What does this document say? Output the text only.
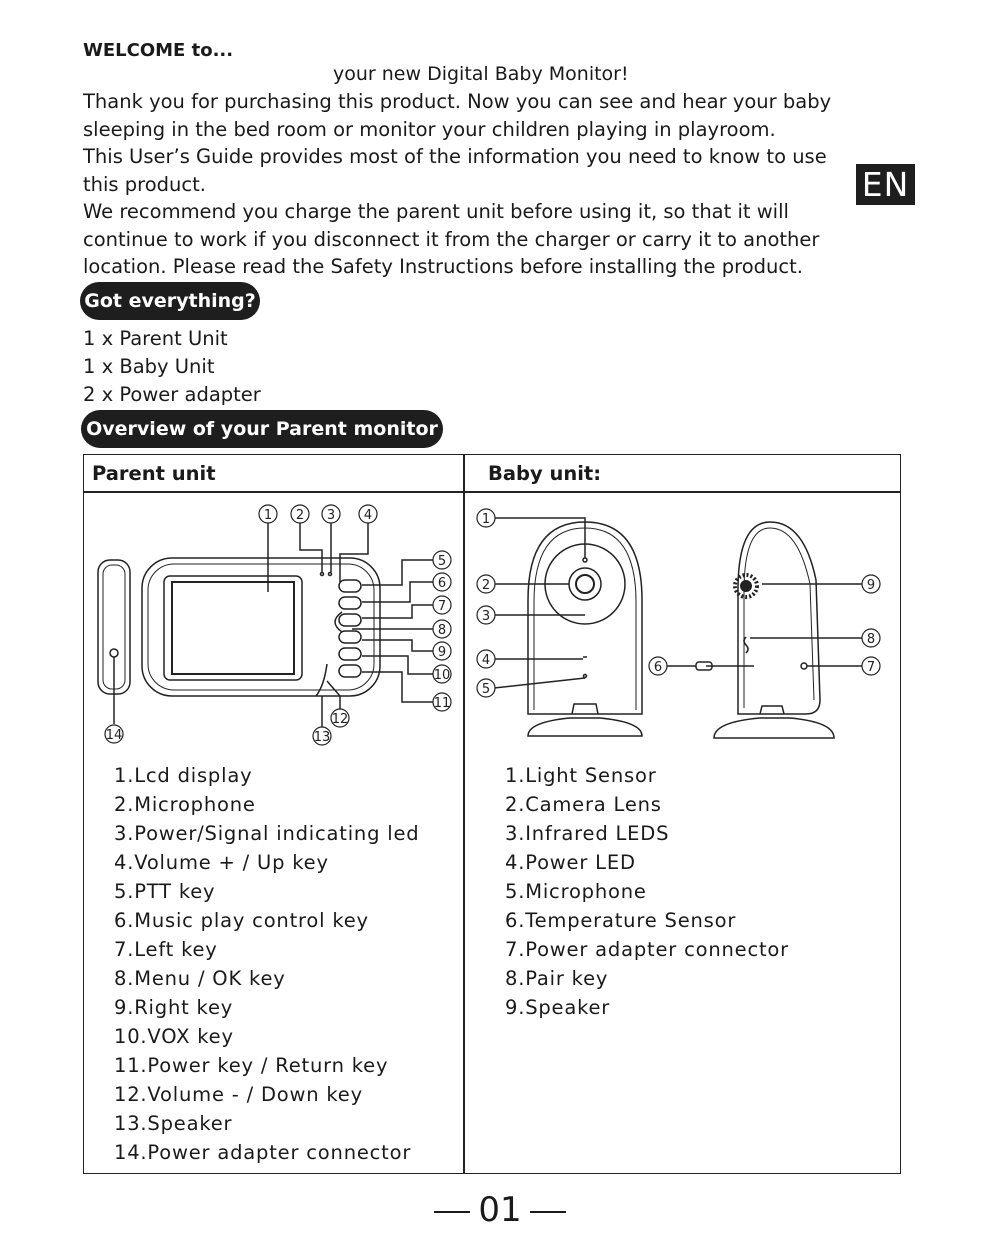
WELCOME to...
your new Digital Baby Monitor!

Thank you for purchasing this product. Now you can see and hear your baby sleeping in the bed room or monitor your children playing in playroom.

This User’s Guide provides most of the information you need to know to use this product.

We recommend you charge the parent unit before using it, so that it will continue to work if you disconnect it from the charger or carry it to another location. Please read the Safety Instructions before installing the product.

EN
Got everything?
1 x Parent Unit
1 x Baby Unit
2 x Power adapter
Overview of your Parent monitor
Parent unit	Baby unit:
1 2 3 4
5
6
7
8
9
10
11
12
13
14
1
2
3
4
5
6	7
8
9
1.Lcd display
2.Microphone
3.Power/Signal indicating led
4.Volume + / Up key
5.PTT key
6.Music play control key
7.Left key
8.Menu / OK key
9.Right key
10.VOX key
11.Power key / Return key
12.Volume - / Down key
13.Speaker
14.Power adapter connector
1.Light Sensor
2.Camera Lens
3.Infrared LEDS
4.Power LED
5.Microphone
6.Temperature Sensor
7.Power adapter connector
8.Pair key
9.Speaker
01
